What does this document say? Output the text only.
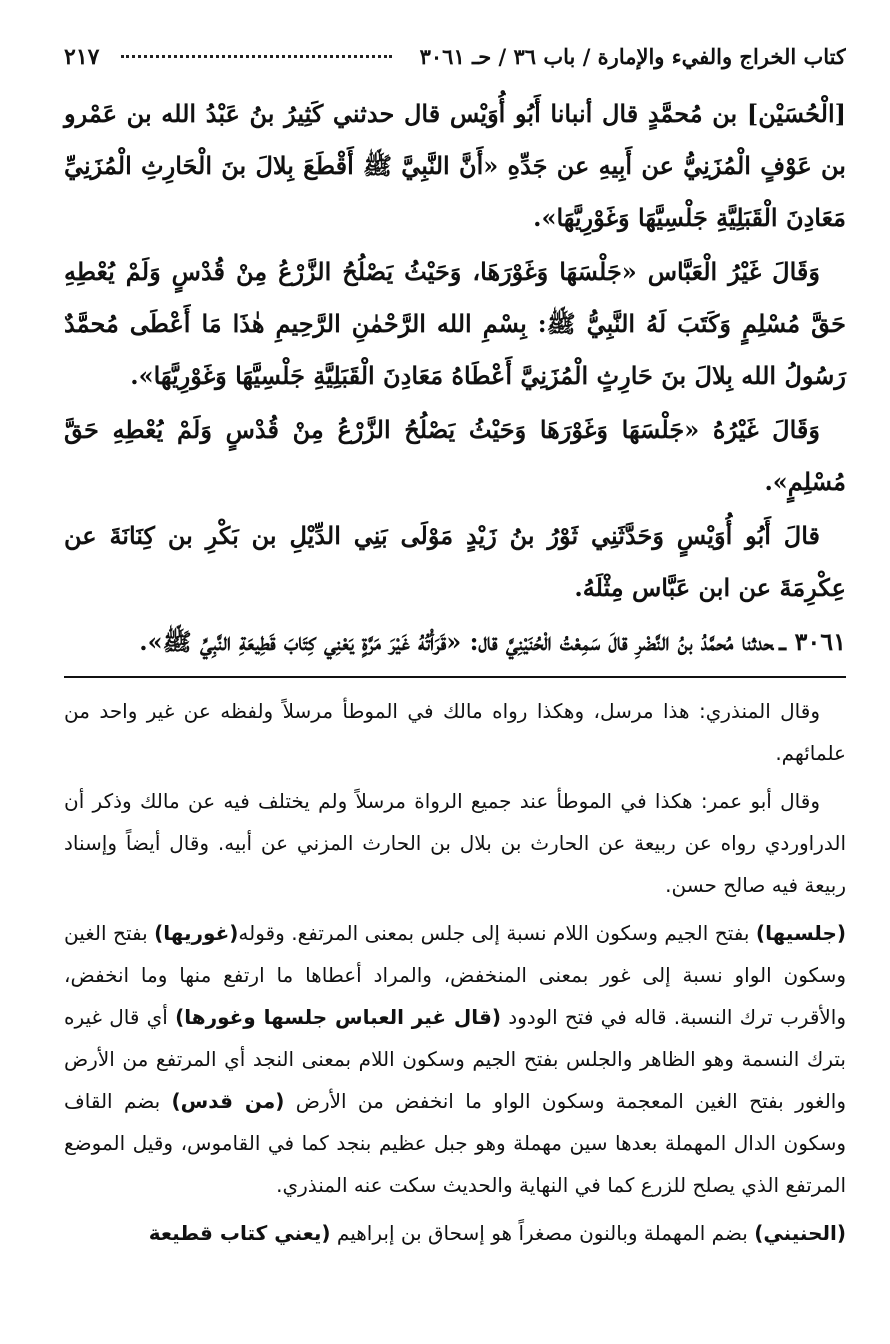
كتاب الخراج والفيء والإمارة / باب ٣٦ / حـ ٣٠٦١
٢١٧

[الْحُسَيْن] بن مُحمَّدٍ قال أنبانا أَبُو أُوَيْس قال حدثني كَثِيرُ بنُ عَبْدُ الله بن عَمْرو بن عَوْفٍ الْمُزَنِيُّ عن أَبِيهِ عن جَدِّهِ «أَنَّ النَّبِيَّ ﷺ أَقْطَعَ بِلالَ بنَ الْحَارِثِ الْمُزَنِيِّ مَعَادِنَ الْقَبَلِيَّةِ جَلْسِيَّهَا وَغَوْرِيَّهَا».

وَقَالَ غَيْرُ الْعَبَّاس «جَلْسَهَا وَغَوْرَهَا، وَحَيْثُ يَصْلُحُ الزَّرْعُ مِنْ قُدْسٍ وَلَمْ يُعْطِهِ حَقَّ مُسْلِمٍ وَكَتَبَ لَهُ النَّبِيُّ ﷺ: بِسْمِ الله الرَّحْمٰنِ الرَّحِيمِ هٰذَا مَا أَعْطَى مُحمَّدٌ رَسُولُ الله بِلالَ بنَ حَارِثٍ الْمُزَنِيَّ أَعْطَاهُ مَعَادِنَ الْقَبَلِيَّةِ جَلْسِيَّهَا وَغَوْرِيَّهَا».

وَقَالَ غَيْرُهُ «جَلْسَهَا وَغَوْرَهَا وَحَيْثُ يَصْلُحُ الزَّرْعُ مِنْ قُدْسٍ وَلَمْ يُعْطِهِ حَقَّ مُسْلِمٍ».

قالَ أَبُو أُوَيْسٍ وَحَدَّثَنِي ثَوْرُ بنُ زَيْدٍ مَوْلَى بَنِي الدِّيْلِ بن بَكْرِ بن كِنَانَةَ عن عِكْرِمَةَ عن ابن عَبَّاس مِثْلَهُ.

٣٠٦١ ـحدثنا مُحمَّدُ بنُ النَّضْرِ قالَ سَمِعْتُ الْحُنَيْنِيَّ قال: «قَرَأْتُهُ غَيْرَ مَرَّةٍ يَعْنِي كِتَابَ قَطِيعَةِ النَّبِيِّ ﷺ».

وقال المنذري: هذا مرسل، وهكذا رواه مالك في الموطأ مرسلاً ولفظه عن غير واحد من علمائهم.

وقال أبو عمر: هكذا في الموطأ عند جميع الرواة مرسلاً ولم يختلف فيه عن مالك وذكر أن الدراوردي رواه عن ربيعة عن الحارث بن بلال بن الحارث المزني عن أبيه. وقال أيضاً وإسناد ربيعة فيه صالح حسن.

(جلسيها) بفتح الجيم وسكون اللام نسبة إلى جلس بمعنى المرتفع. وقوله(غوريها) بفتح الغين وسكون الواو نسبة إلى غور بمعنى المنخفض، والمراد أعطاها ما ارتفع منها وما انخفض، والأقرب ترك النسبة. قاله في فتح الودود (قال غير العباس جلسها وغورها) أي قال غيره بترك النسمة وهو الظاهر والجلس بفتح الجيم وسكون اللام بمعنى النجد أي المرتفع من الأرض والغور بفتح الغين المعجمة وسكون الواو ما انخفض من الأرض (من قدس) بضم القاف وسكون الدال المهملة بعدها سين مهملة وهو جبل عظيم بنجد كما في القاموس، وقيل الموضع المرتفع الذي يصلح للزرع كما في النهاية والحديث سكت عنه المنذري.

(الحنيني) بضم المهملة وبالنون مصغراً هو إسحاق بن إبراهيم (يعني كتاب قطيعة
